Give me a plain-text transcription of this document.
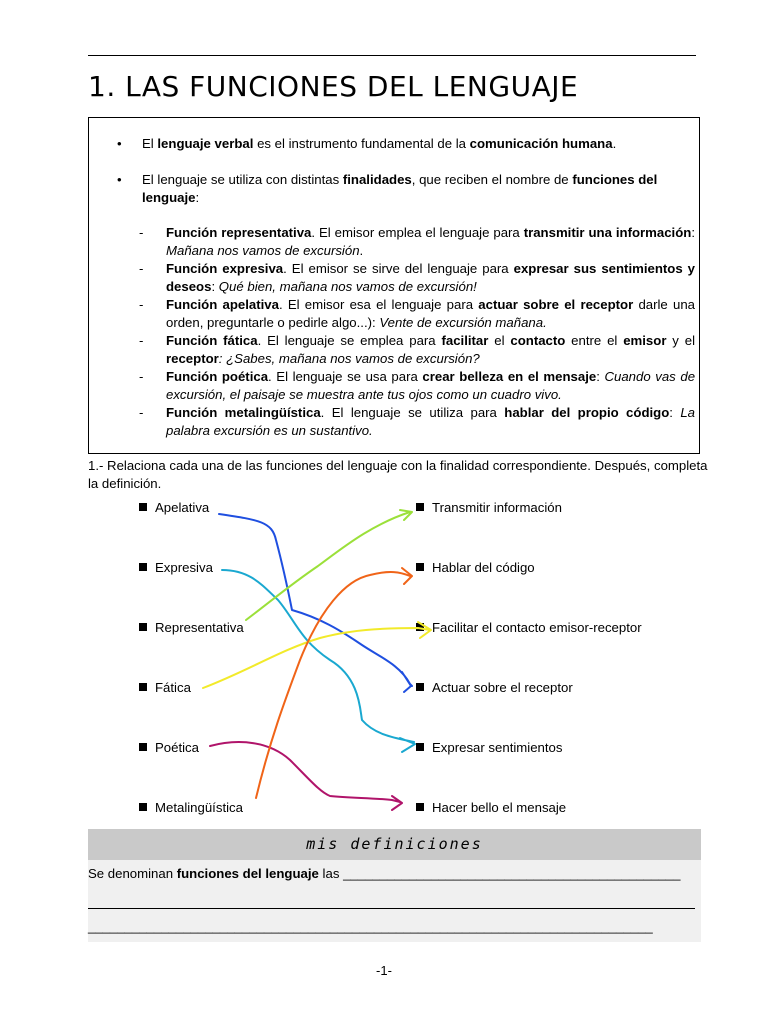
1. LAS FUNCIONES DEL LENGUAJE
•	El lenguaje verbal es el instrumento fundamental de la comunicación humana.
•	El lenguaje se utiliza con distintas finalidades, que reciben el nombre de funciones del lenguaje:
- Función representativa. El emisor emplea el lenguaje para transmitir una información: Mañana nos vamos de excursión.
- Función expresiva. El emisor se sirve del lenguaje para expresar sus sentimientos y deseos: Qué bien, mañana nos vamos de excursión!
- Función apelativa. El emisor esa el lenguaje para actuar sobre el receptor darle una orden, preguntarle o pedirle algo...): Vente de excursión mañana.
- Función fática. El lenguaje se emplea para facilitar el contacto entre el emisor y el receptor: ¿Sabes, mañana nos vamos de excursión?
- Función poética. El lenguaje se usa para crear belleza en el mensaje: Cuando vas de excursión, el paisaje se muestra ante tus ojos como un cuadro vivo.
- Función metalingüística. El lenguaje se utiliza para hablar del propio código: La palabra excursión es un sustantivo.
1.- Relaciona cada una de las funciones del lenguaje con la finalidad correspondiente. Después, completa la definición.
Apelativa
Expresiva
Representativa
Fática
Poética
Metalingüística
Transmitir información
Hablar del código
Facilitar el contacto emisor-receptor
Actuar sobre el receptor
Expresar sentimientos
Hacer bello el mensaje
mis definiciones
Se denominan funciones del lenguaje las ______________________________________________
_____________________________________________________________________________
-1-
